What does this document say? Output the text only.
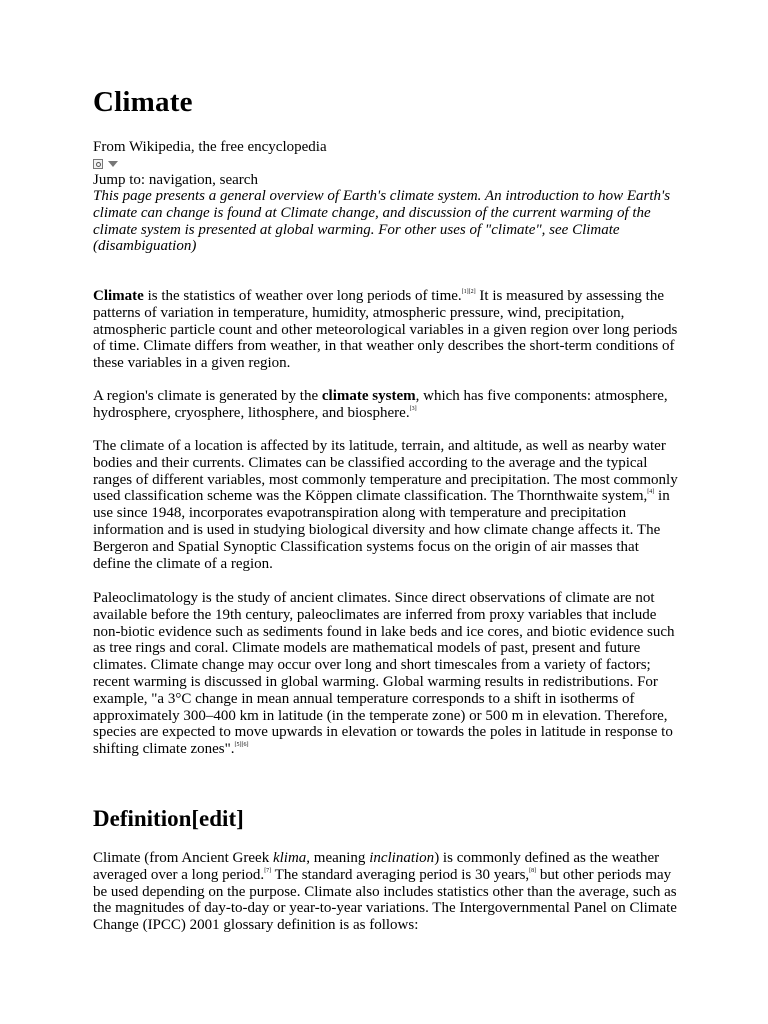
Climate
From Wikipedia, the free encyclopedia
Jump to: navigation, search

This page presents a general overview of Earth's climate system. An introduction to how Earth's climate can change is found at Climate change, and discussion of the current warming of the climate system is presented at global warming. For other uses of "climate", see Climate (disambiguation)

Climate is the statistics of weather over long periods of time.[1][2] It is measured by assessing the patterns of variation in temperature, humidity, atmospheric pressure, wind, precipitation, atmospheric particle count and other meteorological variables in a given region over long periods of time. Climate differs from weather, in that weather only describes the short-term conditions of these variables in a given region.

A region's climate is generated by the climate system, which has five components: atmosphere, hydrosphere, cryosphere, lithosphere, and biosphere.[3]

The climate of a location is affected by its latitude, terrain, and altitude, as well as nearby water bodies and their currents. Climates can be classified according to the average and the typical ranges of different variables, most commonly temperature and precipitation. The most commonly used classification scheme was the Köppen climate classification. The Thornthwaite system,[4] in use since 1948, incorporates evapotranspiration along with temperature and precipitation information and is used in studying biological diversity and how climate change affects it. The Bergeron and Spatial Synoptic Classification systems focus on the origin of air masses that define the climate of a region.

Paleoclimatology is the study of ancient climates. Since direct observations of climate are not available before the 19th century, paleoclimates are inferred from proxy variables that include non-biotic evidence such as sediments found in lake beds and ice cores, and biotic evidence such as tree rings and coral. Climate models are mathematical models of past, present and future climates. Climate change may occur over long and short timescales from a variety of factors; recent warming is discussed in global warming. Global warming results in redistributions. For example, "a 3°C change in mean annual temperature corresponds to a shift in isotherms of approximately 300–400 km in latitude (in the temperate zone) or 500 m in elevation. Therefore, species are expected to move upwards in elevation or towards the poles in latitude in response to shifting climate zones".[5][6]

Definition[edit]

Climate (from Ancient Greek klima, meaning inclination) is commonly defined as the weather averaged over a long period.[7] The standard averaging period is 30 years,[8] but other periods may be used depending on the purpose. Climate also includes statistics other than the average, such as the magnitudes of day-to-day or year-to-year variations. The Intergovernmental Panel on Climate Change (IPCC) 2001 glossary definition is as follows:
